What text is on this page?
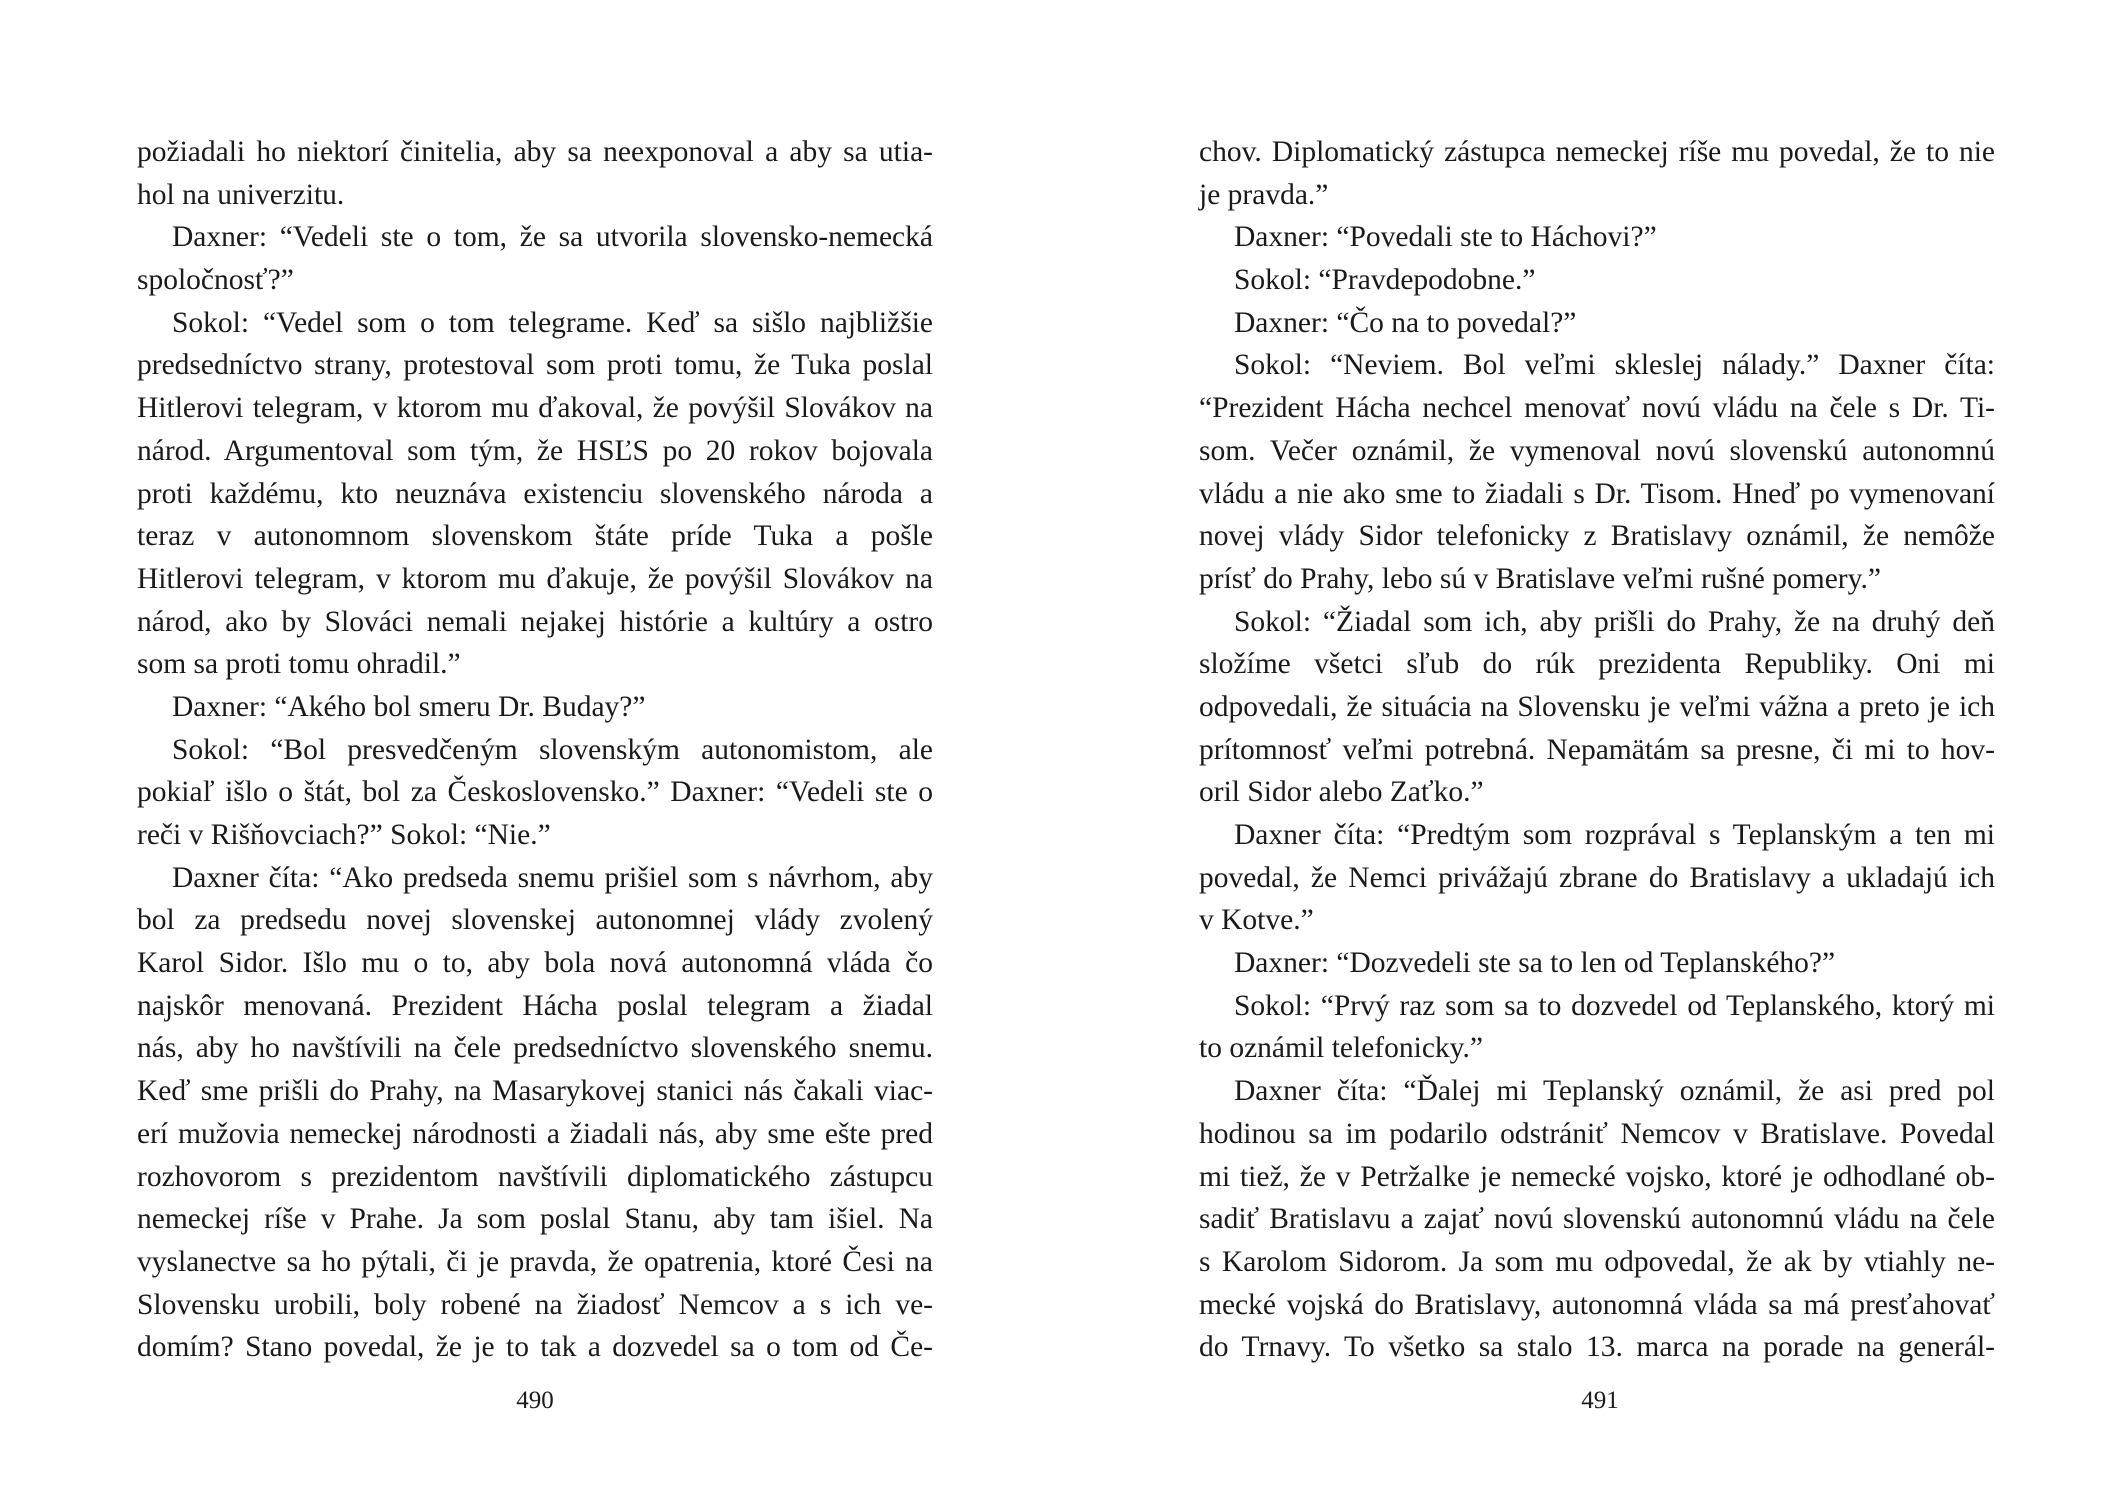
požiadali ho niektorí činitelia, aby sa neexponoval a aby sa utia-
hol na univerzitu.
Daxner: “Vedeli ste o tom, že sa utvorila slovensko-nemecká
spoločnosť?”
Sokol: “Vedel som o tom telegrame. Keď sa sišlo najbližšie
predsedníctvo strany, protestoval som proti tomu, že Tuka poslal
Hitlerovi telegram, v ktorom mu ďakoval, že povýšil Slovákov na
národ. Argumentoval som tým, že HSĽS po 20 rokov bojovala
proti každému, kto neuznáva existenciu slovenského národa a
teraz v autonomnom slovenskom štáte príde Tuka a pošle
Hitlerovi telegram, v ktorom mu ďakuje, že povýšil Slovákov na
národ, ako by Slováci nemali nejakej histórie a kultúry a ostro
som sa proti tomu ohradil.”
Daxner: “Akého bol smeru Dr. Buday?”
Sokol: “Bol presvedčeným slovenským autonomistom, ale
pokiaľ išlo o štát, bol za Československo.” Daxner: “Vedeli ste o
reči v Rišňovciach?” Sokol: “Nie.”
Daxner číta: “Ako predseda snemu prišiel som s návrhom, aby
bol za predsedu novej slovenskej autonomnej vlády zvolený
Karol Sidor. Išlo mu o to, aby bola nová autonomná vláda čo
najskôr menovaná. Prezident Hácha poslal telegram a žiadal
nás, aby ho navštívili na čele predsedníctvo slovenského snemu.
Keď sme prišli do Prahy, na Masarykovej stanici nás čakali viac-
erí mužovia nemeckej národnosti a žiadali nás, aby sme ešte pred
rozhovorom s prezidentom navštívili diplomatického zástupcu
nemeckej ríše v Prahe. Ja som poslal Stanu, aby tam išiel. Na
vyslanectve sa ho pýtali, či je pravda, že opatrenia, ktoré Česi na
Slovensku urobili, boly robené na žiadosť Nemcov a s ich ve-
domím? Stano povedal, že je to tak a dozvedel sa o tom od Če-
490
chov. Diplomatický zástupca nemeckej ríše mu povedal, že to nie
je pravda.”
Daxner: “Povedali ste to Háchovi?”
Sokol: “Pravdepodobne.”
Daxner: “Čo na to povedal?”
Sokol: “Neviem. Bol veľmi skleslej nálady.” Daxner číta:
“Prezident Hácha nechcel menovať novú vládu na čele s Dr. Ti-
som. Večer oznámil, že vymenoval novú slovenskú autonomnú
vládu a nie ako sme to žiadali s Dr. Tisom. Hneď po vymenovaní
novej vlády Sidor telefonicky z Bratislavy oznámil, že nemôže
prísť do Prahy, lebo sú v Bratislave veľmi rušné pomery.”
Sokol: “Žiadal som ich, aby prišli do Prahy, že na druhý deň
složíme všetci sľub do rúk prezidenta Republiky. Oni mi
odpovedali, že situácia na Slovensku je veľmi vážna a preto je ich
prítomnosť veľmi potrebná. Nepamätám sa presne, či mi to hov-
oril Sidor alebo Zaťko.”
Daxner číta: “Predtým som rozprával s Teplanským a ten mi
povedal, že Nemci privážajú zbrane do Bratislavy a ukladajú ich
v Kotve.”
Daxner: “Dozvedeli ste sa to len od Teplanského?”
Sokol: “Prvý raz som sa to dozvedel od Teplanského, ktorý mi
to oznámil telefonicky.”
Daxner číta: “Ďalej mi Teplanský oznámil, že asi pred pol
hodinou sa im podarilo odstrániť Nemcov v Bratislave. Povedal
mi tiež, že v Petržalke je nemecké vojsko, ktoré je odhodlané ob-
sadiť Bratislavu a zajať novú slovenskú autonomnú vládu na čele
s Karolom Sidorom. Ja som mu odpovedal, že ak by vtiahly ne-
mecké vojská do Bratislavy, autonomná vláda sa má presťahovať
do Trnavy. To všetko sa stalo 13. marca na porade na generál-
491
